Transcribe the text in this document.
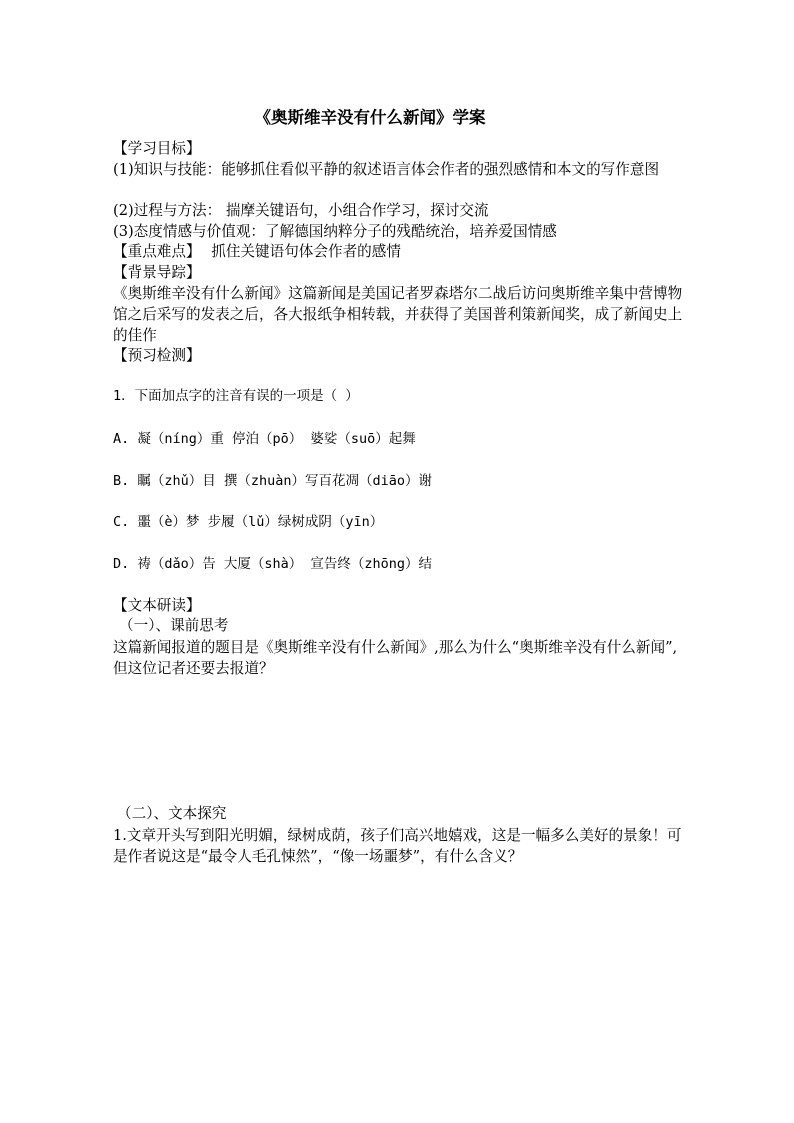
《奥斯维辛没有什么新闻》学案
【学习目标】
(1)知识与技能：能够抓住看似平静的叙述语言体会作者的强烈感情和本文的写作意图
(2)过程与方法： 揣摩关键语句，小组合作学习，探讨交流
(3)态度情感与价值观：了解德国纳粹分子的残酷统治，培养爱国情感
【重点难点】 抓住关键语句体会作者的感情
【背景导踪】
《奥斯维辛没有什么新闻》这篇新闻是美国记者罗森塔尔二战后访问奥斯维辛集中营博物馆之后采写的发表之后，各大报纸争相转载，并获得了美国普利策新闻奖，成了新闻史上的佳作
【预习检测】
1．下面加点字的注音有误的一项是（ ）
A. 凝（níng）重 停泊（pō） 婆娑（suō）起舞
B. 瞩（zhǔ）目 撰（zhuàn）写百花凋（diāo）谢
C. 噩（è）梦 步履（lǔ）绿树成阴（yīn）
D. 祷（dǎo）告 大厦（shà） 宣告终（zhōng）结
【文本研读】
（一）、课前思考
这篇新闻报道的题目是《奥斯维辛没有什么新闻》,那么为什么“奥斯维辛没有什么新闻”,但这位记者还要去报道？
（二）、文本探究
1.文章开头写到阳光明媚，绿树成荫，孩子们高兴地嬉戏，这是一幅多么美好的景象！可是作者说这是“最令人毛孔悚然”，“像一场噩梦”，有什么含义？
